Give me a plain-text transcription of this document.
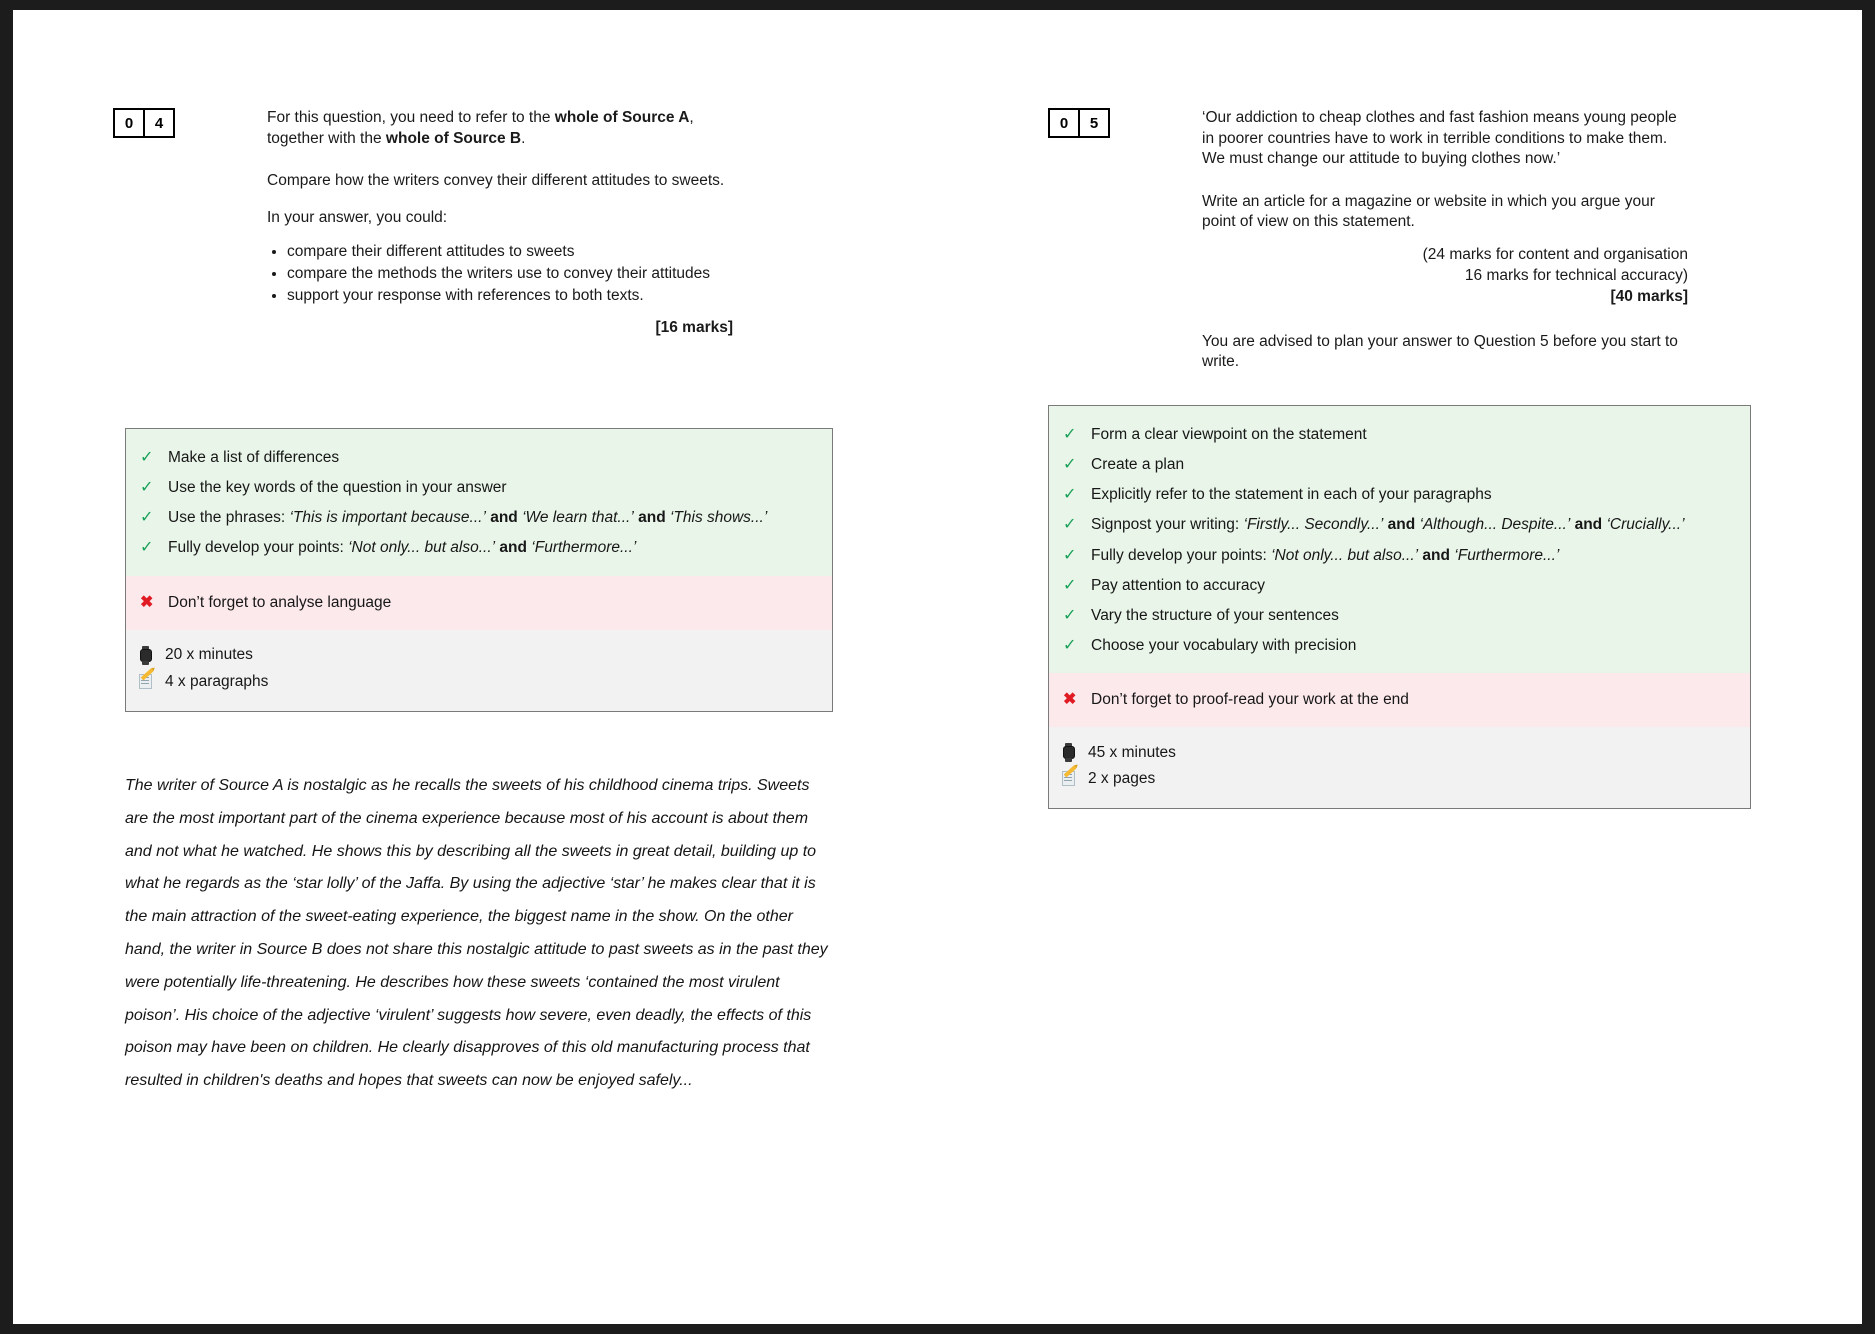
0	4	For this question, you need to refer to the whole of Source A, together with the whole of Source B.

Compare how the writers convey their different attitudes to sweets.

In your answer, you could:

• compare their different attitudes to sweets
• compare the methods the writers use to convey their attitudes
• support your response with references to both texts.
[16 marks]
✓ Make a list of differences
✓ Use the key words of the question in your answer
✓ Use the phrases: ‘This is important because...’ and ‘We learn that...’ and ‘This shows...’
✓ Fully develop your points: ‘Not only... but also...’ and ‘Furthermore...’
✖ Don’t forget to analyse language
20 x minutes
4 x paragraphs
The writer of Source A is nostalgic as he recalls the sweets of his childhood cinema trips. Sweets are the most important part of the cinema experience because most of his account is about them and not what he watched. He shows this by describing all the sweets in great detail, building up to what he regards as the ‘star lolly’ of the Jaffa. By using the adjective ‘star’ he makes clear that it is the main attraction of the sweet-eating experience, the biggest name in the show. On the other hand, the writer in Source B does not share this nostalgic attitude to past sweets as in the past they were potentially life-threatening. He describes how these sweets ‘contained the most virulent poison’. His choice of the adjective ‘virulent’ suggests how severe, even deadly, the effects of this poison may have been on children. He clearly disapproves of this old manufacturing process that resulted in children's deaths and hopes that sweets can now be enjoyed safely...
0	5	‘Our addiction to cheap clothes and fast fashion means young people in poorer countries have to work in terrible conditions to make them. We must change our attitude to buying clothes now.’

Write an article for a magazine or website in which you argue your point of view on this statement.

(24 marks for content and organisation
16 marks for technical accuracy)
[40 marks]

You are advised to plan your answer to Question 5 before you start to write.

✓ Form a clear viewpoint on the statement
✓ Create a plan
✓ Explicitly refer to the statement in each of your paragraphs
✓ Signpost your writing: ‘Firstly... Secondly...’ and ‘Although... Despite...’ and ‘Crucially...’
✓ Fully develop your points: ‘Not only... but also...’ and ‘Furthermore...’
✓ Pay attention to accuracy
✓ Vary the structure of your sentences
✓ Choose your vocabulary with precision
✖ Don’t forget to proof-read your work at the end
45 x minutes
2 x pages
